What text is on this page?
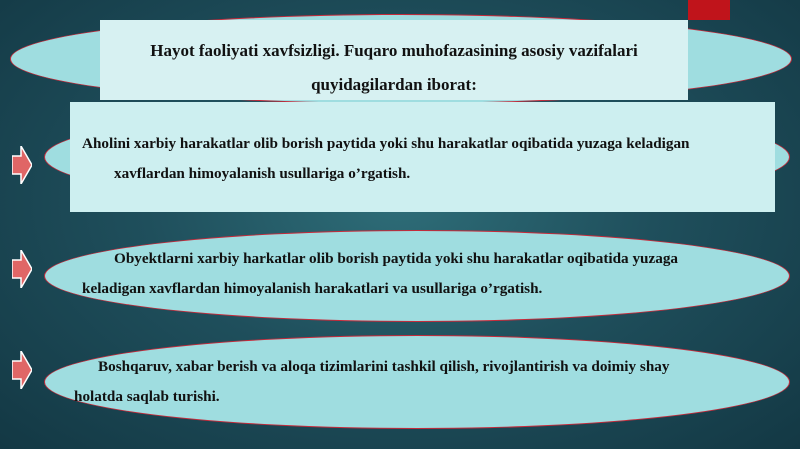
Hayot faoliyati xavfsizligi. Fuqaro muhofazasining asosiy vazifalari
quyidagilardan iborat:
Aholini xarbiy harakatlar olib borish paytida yoki shu harakatlar oqibatida yuzaga keladigan
xavflardan himoyalanish usullariga o’rgatish.
Obyektlarni xarbiy harkatlar olib borish paytida yoki shu harakatlar oqibatida yuzaga
keladigan xavflardan himoyalanish harakatlari va usullariga o’rgatish.
Boshqaruv, xabar berish va aloqa tizimlarini tashkil qilish, rivojlantirish va doimiy shay
holatda saqlab turishi.
